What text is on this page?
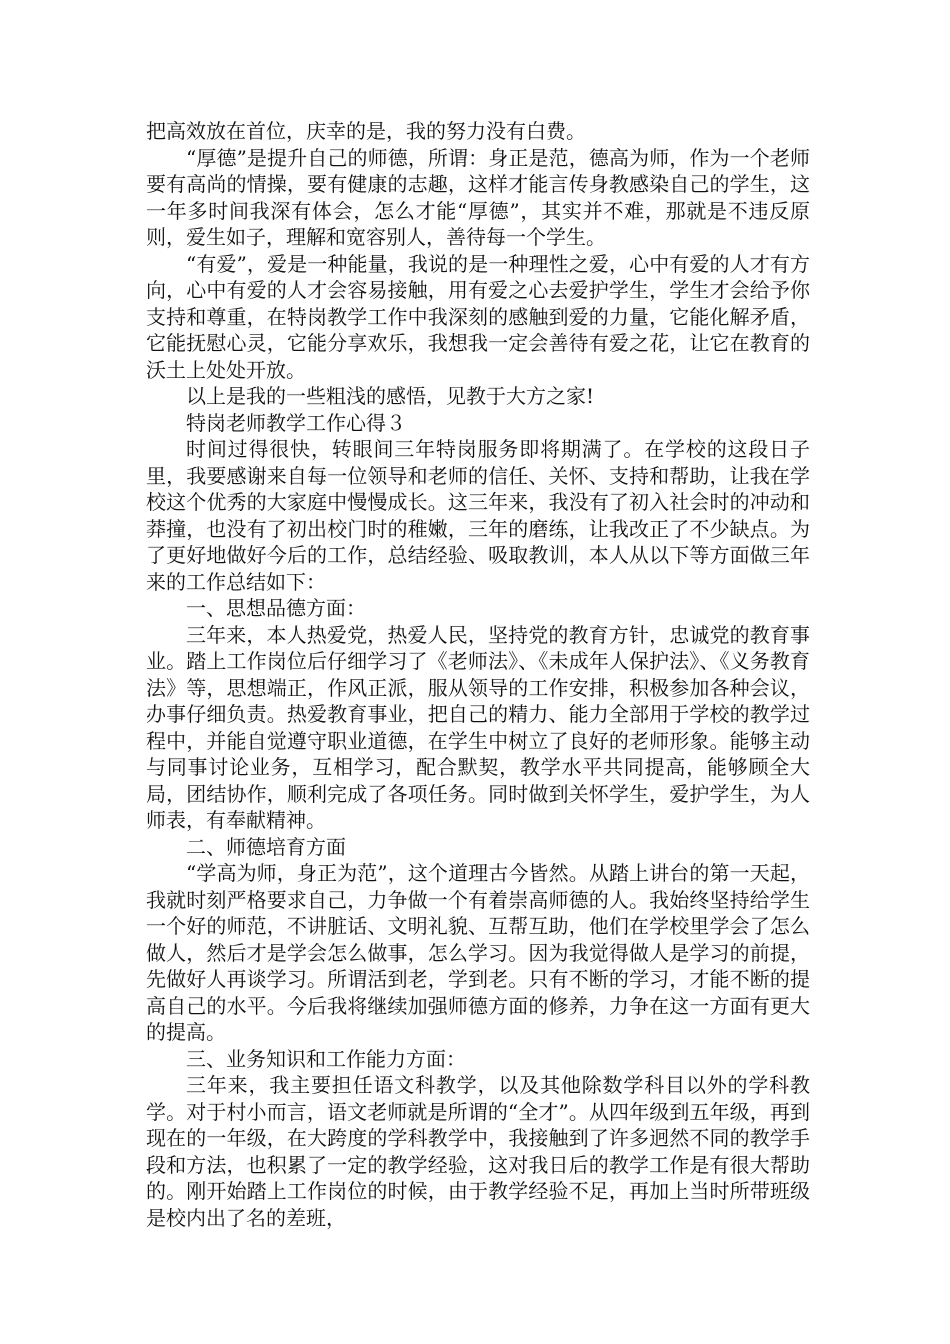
把高效放在首位，庆幸的是，我的努力没有白费。

“厚德”是提升自己的师德，所谓：身正是范，德高为师，作为一个老师要有高尚的情操，要有健康的志趣，这样才能言传身教感染自己的学生，这一年多时间我深有体会，怎么才能“厚德”，其实并不难，那就是不违反原则，爱生如子，理解和宽容别人，善待每一个学生。

“有爱”，爱是一种能量，我说的是一种理性之爱，心中有爱的人才有方向，心中有爱的人才会容易接触，用有爱之心去爱护学生，学生才会给予你支持和尊重，在特岗教学工作中我深刻的感触到爱的力量，它能化解矛盾，它能抚慰心灵，它能分享欢乐，我想我一定会善待有爱之花，让它在教育的沃土上处处开放。

以上是我的一些粗浅的感悟，见教于大方之家!

特岗老师教学工作心得３

时间过得很快，转眼间三年特岗服务即将期满了。在学校的这段日子里，我要感谢来自每一位领导和老师的信任、关怀、支持和帮助，让我在学校这个优秀的大家庭中慢慢成长。这三年来，我没有了初入社会时的冲动和莽撞，也没有了初出校门时的稚嫩，三年的磨练，让我改正了不少缺点。为了更好地做好今后的工作，总结经验、吸取教训，本人从以下等方面做三年来的工作总结如下：

一、思想品德方面：

三年来，本人热爱党，热爱人民，坚持党的教育方针，忠诚党的教育事业。踏上工作岗位后仔细学习了《老师法》、《未成年人保护法》、《义务教育法》等，思想端正，作风正派，服从领导的工作安排，积极参加各种会议，办事仔细负责。热爱教育事业，把自己的精力、能力全部用于学校的教学过程中，并能自觉遵守职业道德，在学生中树立了良好的老师形象。能够主动与同事讨论业务，互相学习，配合默契，教学水平共同提高，能够顾全大局，团结协作，顺利完成了各项任务。同时做到关怀学生，爱护学生，为人师表，有奉献精神。

二、师德培育方面

“学高为师，身正为范”，这个道理古今皆然。从踏上讲台的第一天起，我就时刻严格要求自己，力争做一个有着崇高师德的人。我始终坚持给学生一个好的师范，不讲脏话、文明礼貌、互帮互助，他们在学校里学会了怎么做人，然后才是学会怎么做事，怎么学习。因为我觉得做人是学习的前提，先做好人再谈学习。所谓活到老，学到老。只有不断的学习，才能不断的提高自己的水平。今后我将继续加强师德方面的修养，力争在这一方面有更大的提高。

三、业务知识和工作能力方面：

三年来，我主要担任语文科教学，以及其他除数学科目以外的学科教学。对于村小而言，语文老师就是所谓的“全才”。从四年级到五年级，再到现在的一年级，在大跨度的学科教学中，我接触到了许多迥然不同的教学手段和方法，也积累了一定的教学经验，这对我日后的教学工作是有很大帮助的。刚开始踏上工作岗位的时候，由于教学经验不足，再加上当时所带班级是校内出了名的差班，
